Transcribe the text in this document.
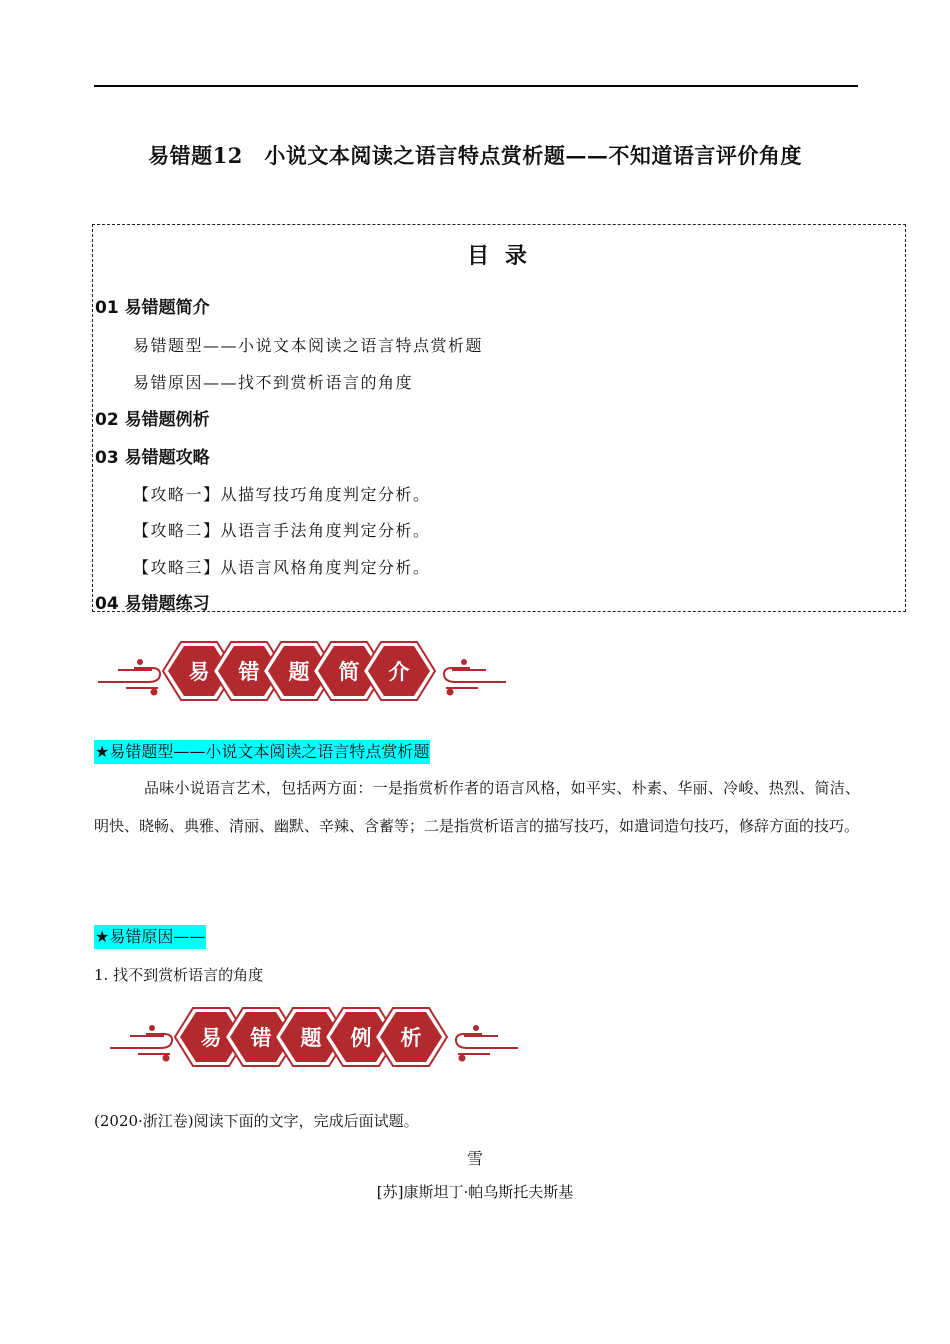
易错题12　小说文本阅读之语言特点赏析题——不知道语言评价角度
目 录
01 易错题简介
易错题型——小说文本阅读之语言特点赏析题
易错原因——找不到赏析语言的角度
02 易错题例析
03 易错题攻略
【攻略一】从描写技巧角度判定分析。
【攻略二】从语言手法角度判定分析。
【攻略三】从语言风格角度判定分析。
04 易错题练习
易 错 题 简 介
★易错题型——小说文本阅读之语言特点赏析题
品味小说语言艺术，包括两方面：一是指赏析作者的语言风格，如平实、朴素、华丽、冷峻、热烈、简洁、明快、晓畅、典雅、清丽、幽默、辛辣、含蓄等；二是指赏析语言的描写技巧，如遣词造句技巧，修辞方面的技巧。
★易错原因——
1. 找不到赏析语言的角度
易 错 题 例 析
(2020·浙江卷)阅读下面的文字，完成后面试题。
雪
[苏]康斯坦丁·帕乌斯托夫斯基
